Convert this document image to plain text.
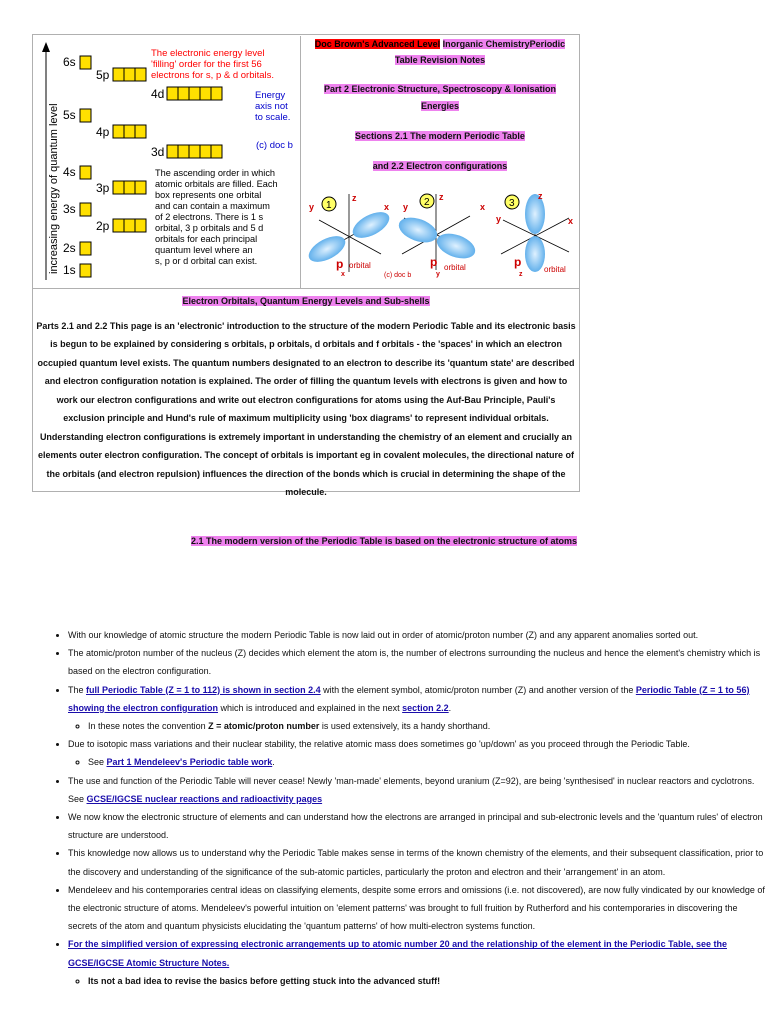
increasing energy of quantum level
6s
5p
4d
5s
4p
3d
4s
3p
3s
2p
2s
1s
The electronic energy level
'filling' order for the first 56
electrons for s, p & d orbitals.
Energy
axis not
to scale.
(c) doc b
The ascending order in which
atomic orbitals are filled. Each
box represents one orbital
and can contain a maximum
of 2 electrons. There is 1 s
orbital, 3 p orbitals and 5 d
orbitals for each principal
quantum level where an
s, p or d orbital can exist.

Doc Brown's Advanced Level Inorganic ChemistryPeriodic

Table Revision Notes

Part 2 Electronic Structure, Spectroscopy & Ionisation

Energies

Sections 2.1 The modern Periodic Table

and 2.2 Electron configurations

1
y
z
x
p
x
orbital
2
y
z
x
p
y
orbital
3
y
z
x
p
z
orbital
(c) doc b

Electron Orbitals, Quantum Energy Levels and Sub-shells

Parts 2.1 and 2.2 This page is an 'electronic' introduction to the structure of the modern Periodic Table and its electronic basis is begun to be explained by considering s orbitals, p orbitals, d orbitals and f orbitals - the 'spaces' in which an electron occupied quantum level exists. The quantum numbers designated to an electron to describe its 'quantum state' are described and electron configuration notation is explained. The order of filling the quantum levels with electrons is given and how to work our electron configurations and write out electron configurations for atoms using the Auf-Bau Principle, Pauli's exclusion principle and Hund's rule of maximum multiplicity using 'box diagrams' to represent individual orbitals. Understanding electron configurations is extremely important in understanding the chemistry of an element and crucially an elements outer electron configuration. The concept of orbitals is important eg in covalent molecules, the directional nature of the orbitals (and electron repulsion) influences the direction of the bonds which is crucial in determining the shape of the molecule.

2.1 The modern version of the Periodic Table is based on the electronic structure of atoms
• With our knowledge of atomic structure the modern Periodic Table is now laid out in order of atomic/proton number (Z) and any apparent anomalies sorted out.
• The atomic/proton number of the nucleus (Z) decides which element the atom is, the number of electrons surrounding the nucleus and hence the element's chemistry which is based on the electron configuration.
• The full Periodic Table (Z = 1 to 112) is shown in section 2.4 with the element symbol, atomic/proton number (Z) and another version of the Periodic Table (Z = 1 to 56) showing the electron configuration which is introduced and explained in the next section 2.2.
◦ In these notes the convention Z = atomic/proton number is used extensively, its a handy shorthand.
• Due to isotopic mass variations and their nuclear stability, the relative atomic mass does sometimes go 'up/down' as you proceed through the Periodic Table.
◦ See Part 1 Mendeleev's Periodic table work.
• The use and function of the Periodic Table will never cease! Newly 'man-made' elements, beyond uranium (Z=92), are being 'synthesised' in nuclear reactors and cyclotrons. See GCSE/IGCSE nuclear reactions and radioactivity pages
• We now know the electronic structure of elements and can understand how the electrons are arranged in principal and sub-electronic levels and the 'quantum rules' of electron structure are understood.
• This knowledge now allows us to understand why the Periodic Table makes sense in terms of the known chemistry of the elements, and their subsequent classification, prior to the discovery and understanding of the significance of the sub-atomic particles, particularly the proton and electron and their 'arrangement' in an atom.
• Mendeleev and his contemporaries central ideas on classifying elements, despite some errors and omissions (i.e. not discovered), are now fully vindicated by our knowledge of the electronic structure of atoms. Mendeleev's powerful intuition on 'element patterns' was brought to full fruition by Rutherford and his contemporaries in discovering the secrets of the atom and quantum physicists elucidating the 'quantum patterns' of how multi-electron systems function.
• For the simplified version of expressing electronic arrangements up to atomic number 20 and the relationship of the element in the Periodic Table, see the GCSE/IGCSE Atomic Structure Notes.
◦ Its not a bad idea to revise the basics before getting stuck into the advanced stuff!
